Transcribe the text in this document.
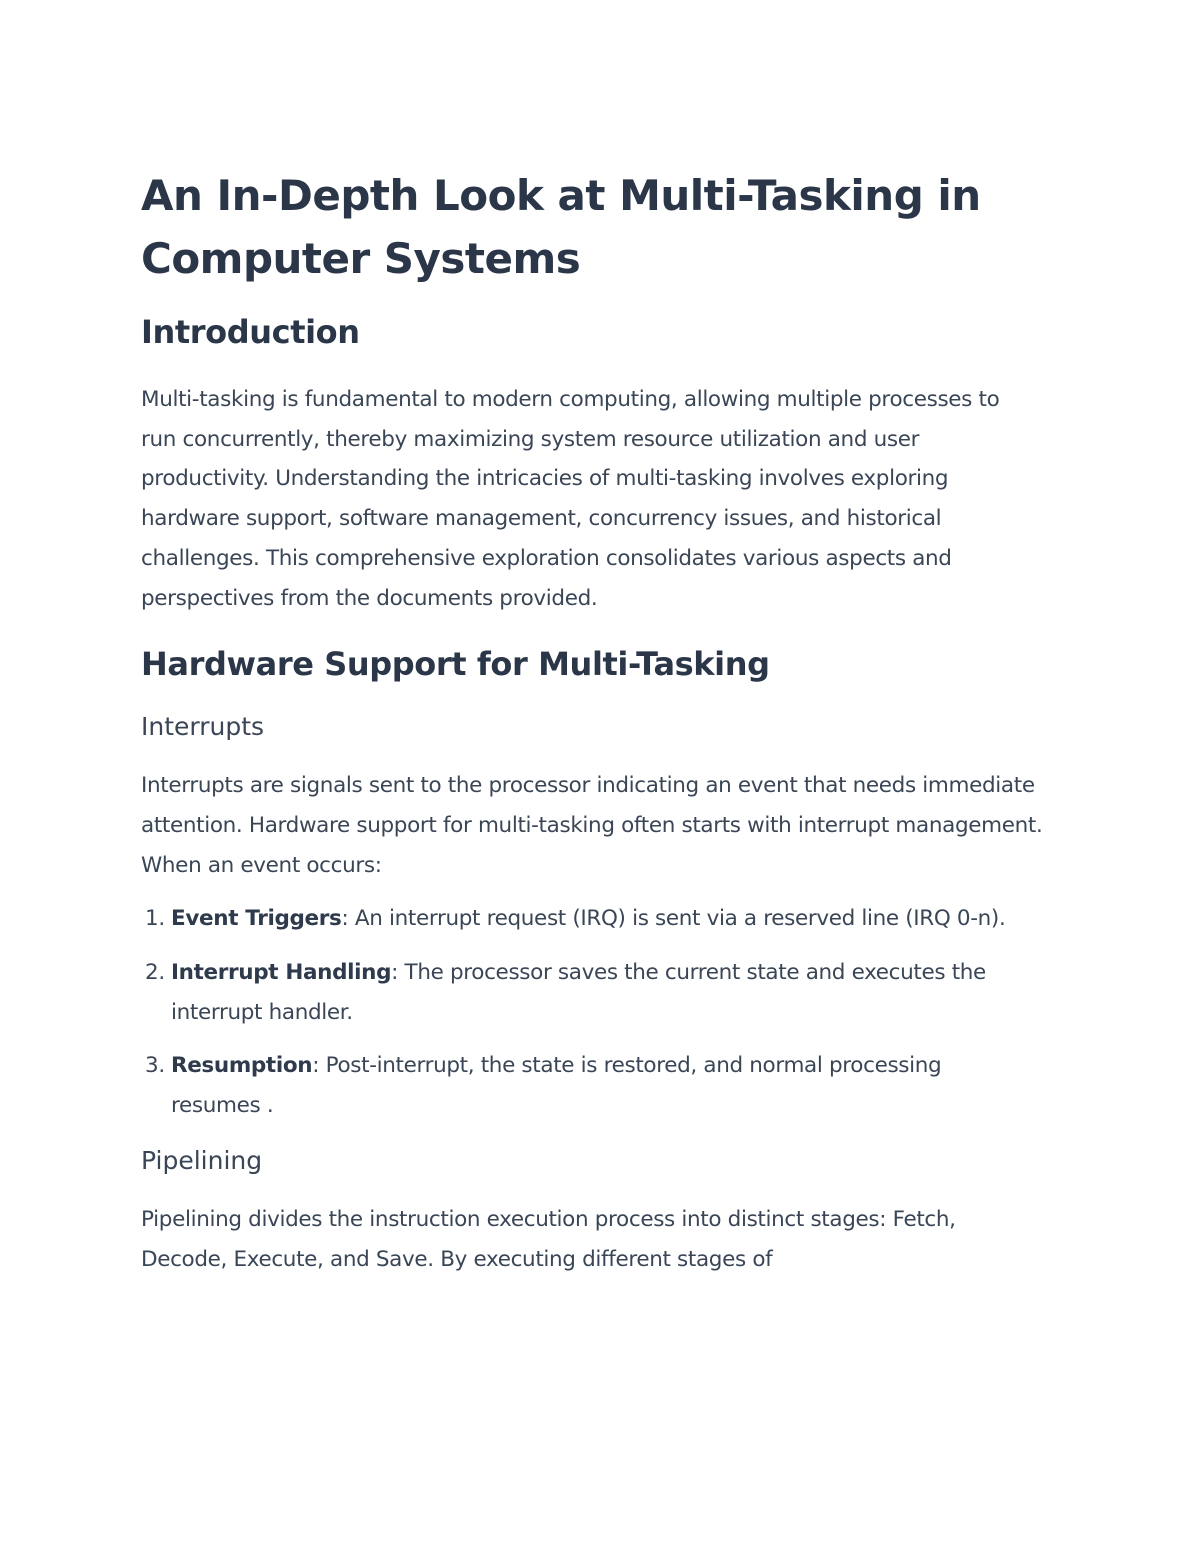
An In-Depth Look at Multi-Tasking in Computer Systems
Introduction

Multi-tasking is fundamental to modern computing, allowing multiple processes to run concurrently, thereby maximizing system resource utilization and user productivity. Understanding the intricacies of multi-tasking involves exploring hardware support, software management, concurrency issues, and historical challenges. This comprehensive exploration consolidates various aspects and perspectives from the documents provided.

Hardware Support for Multi-Tasking
Interrupts

Interrupts are signals sent to the processor indicating an event that needs immediate attention. Hardware support for multi-tasking often starts with interrupt management. When an event occurs:

1. Event Triggers: An interrupt request (IRQ) is sent via a reserved line (IRQ 0-n).
2. Interrupt Handling: The processor saves the current state and executes the interrupt handler.
3. Resumption: Post-interrupt, the state is restored, and normal processing resumes .
Pipelining

Pipelining divides the instruction execution process into distinct stages: Fetch, Decode, Execute, and Save. By executing different stages of
